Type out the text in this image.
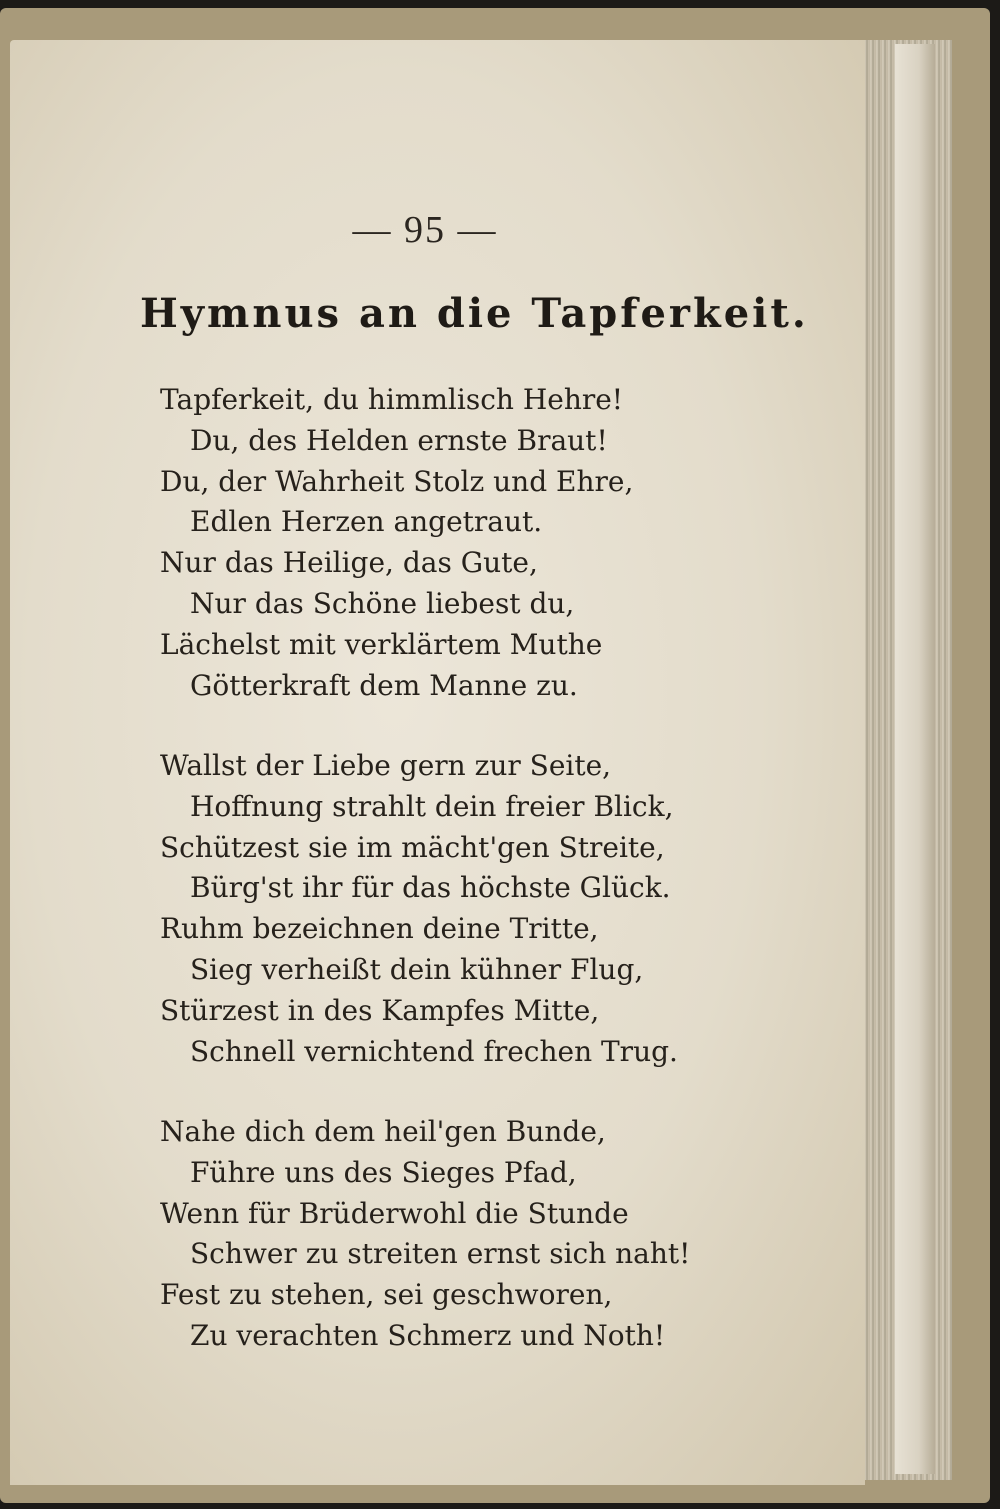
— 95 —
Hymnus an die Tapferkeit.
Tapferkeit, du himmlisch Hehre!
Du, des Helden ernste Braut!
Du, der Wahrheit Stolz und Ehre,
Edlen Herzen angetraut.
Nur das Heilige, das Gute,
Nur das Schöne liebest du,
Lächelst mit verklärtem Muthe
Götterkraft dem Manne zu.
Wallst der Liebe gern zur Seite,
Hoffnung strahlt dein freier Blick,
Schützest sie im mächt'gen Streite,
Bürg'st ihr für das höchste Glück.
Ruhm bezeichnen deine Tritte,
Sieg verheißt dein kühner Flug,
Stürzest in des Kampfes Mitte,
Schnell vernichtend frechen Trug.
Nahe dich dem heil'gen Bunde,
Führe uns des Sieges Pfad,
Wenn für Brüderwohl die Stunde
Schwer zu streiten ernst sich naht!
Fest zu stehen, sei geschworen,
Zu verachten Schmerz und Noth!
